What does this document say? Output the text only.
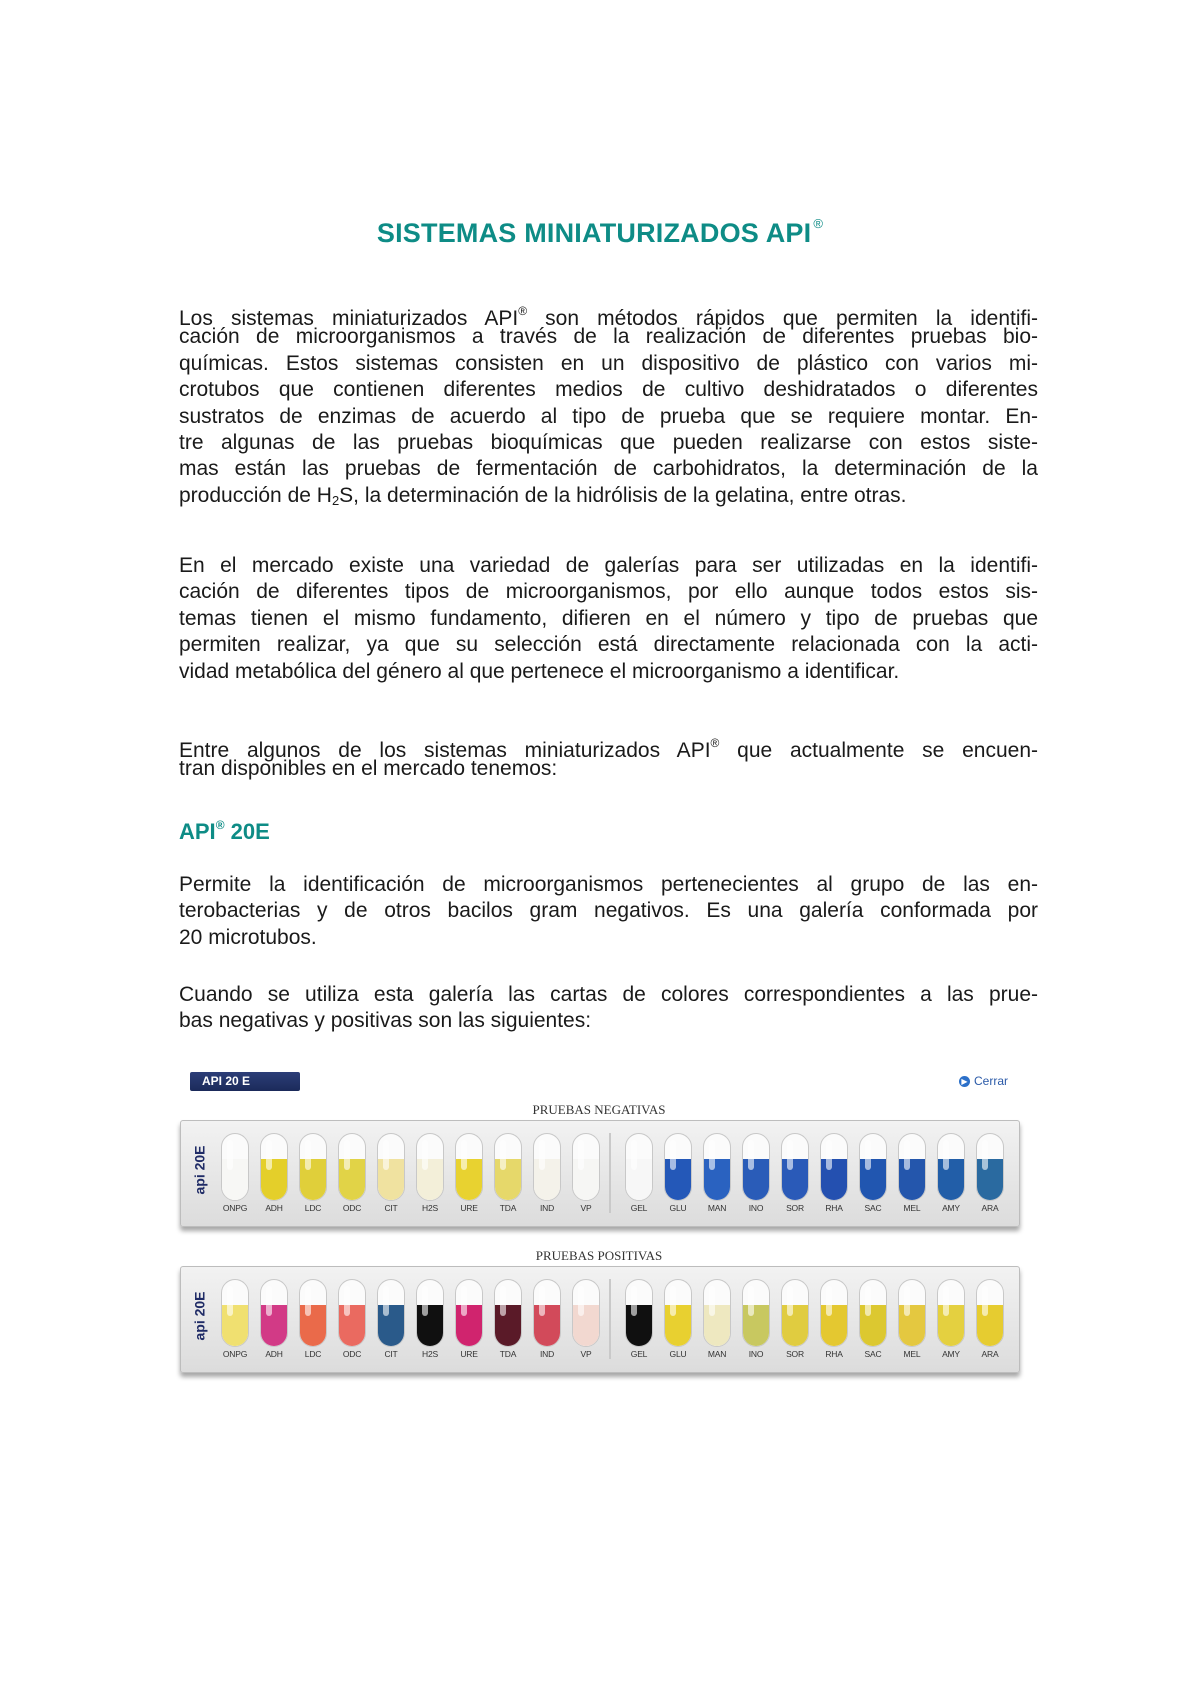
SISTEMAS MINIATURIZADOS API ®
Los sistemas miniaturizados API® son métodos rápidos que permiten la identifi-
cación de microorganismos a través de la realización de diferentes pruebas bio-
químicas. Estos sistemas consisten en un dispositivo de plástico con varios mi-
crotubos que contienen diferentes medios de cultivo deshidratados o diferentes
sustratos de enzimas de acuerdo al tipo de prueba que se requiere montar. En-
tre algunas de las pruebas bioquímicas que pueden realizarse con estos siste-
mas están las pruebas de fermentación de carbohidratos, la determinación de la
producción de $H_2S$, la determinación de la hidrólisis de la gelatina, entre otras.
En el mercado existe una variedad de galerías para ser utilizadas en la identifi-
cación de diferentes tipos de microorganismos, por ello aunque todos estos sis-
temas tienen el mismo fundamento, difieren en el número y tipo de pruebas que
permiten realizar, ya que su selección está directamente relacionada con la acti-
vidad metabólica del género al que pertenece el microorganismo a identificar.
Entre algunos de los sistemas miniaturizados API® que actualmente se encuen-
tran disponibles en el mercado tenemos:
API® 20E
Permite la identificación de microorganismos pertenecientes al grupo de las en-
terobacterias y de otros bacilos gram negativos. Es una galería conformada por
20 microtubos.
Cuando se utiliza esta galería las cartas de colores correspondientes a las prue-
bas negativas y positivas son las siguientes:
API 20 E	▶ Cerrar
PRUEBAS NEGATIVAS
api 20E
ONPG ADH	LDC	ODC	CIT	H2S	URE	TDA	IND	VP	GEL	GLU	MAN	INO	SOR	RHA	SAC	MEL	AMY	ARA
PRUEBAS POSITIVAS
api 20E
ONPG ADH	LDC	ODC	CIT	H2S	URE	TDA	IND	VP	GEL	GLU	MAN	INO	SOR	RHA	SAC	MEL	AMY	ARA
